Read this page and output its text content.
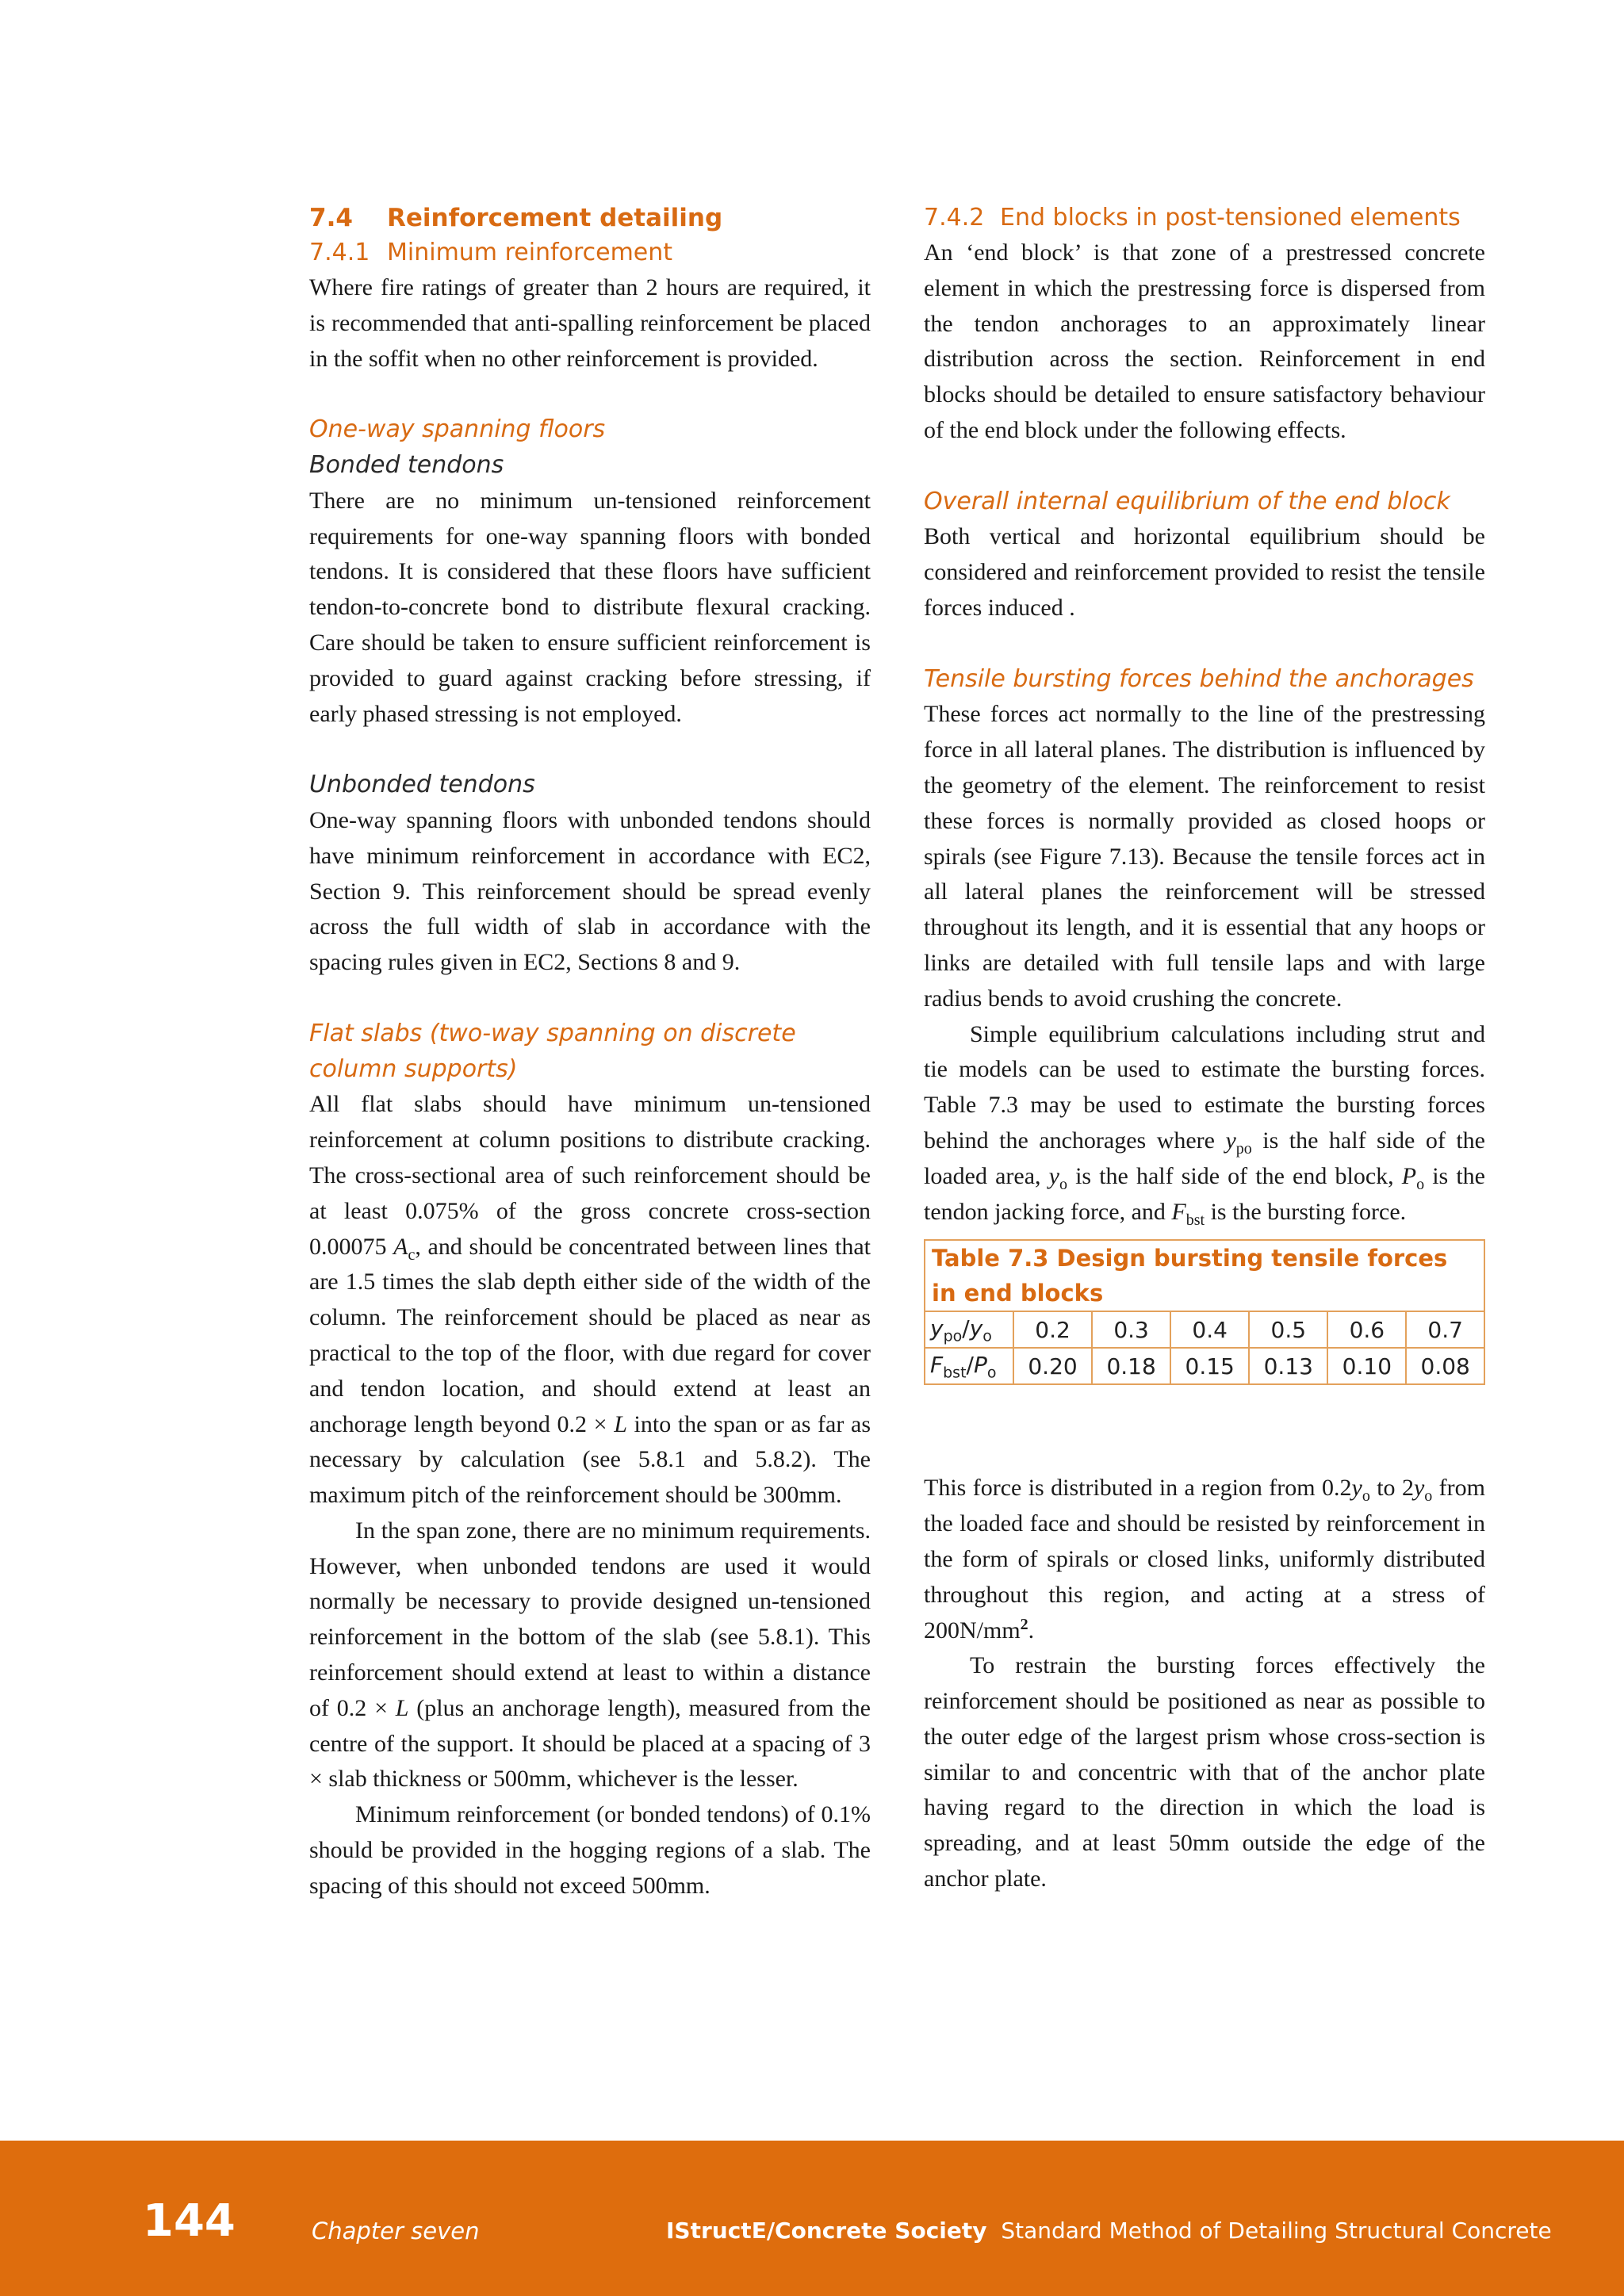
7.4 Reinforcement detailing
7.4.1 Minimum reinforcement

Where fire ratings of greater than 2 hours are required, it is recommended that anti-spalling reinforcement be placed in the soffit when no other reinforcement is provided.

One-way spanning floors
Bonded tendons

There are no minimum un-tensioned reinforcement requirements for one-way spanning floors with bonded tendons. It is considered that these floors have sufficient tendon-to-concrete bond to distribute flexural cracking. Care should be taken to ensure sufficient reinforcement is provided to guard against cracking before stressing, if early phased stressing is not employed.

Unbonded tendons

One-way spanning floors with unbonded tendons should have minimum reinforcement in accordance with EC2, Section 9. This reinforcement should be spread evenly across the full width of slab in accordance with the spacing rules given in EC2, Sections 8 and 9.

Flat slabs (two-way spanning on discrete column supports)

All flat slabs should have minimum un-tensioned reinforcement at column positions to distribute cracking. The cross-sectional area of such reinforcement should be at least 0.075% of the gross concrete cross-section 0.00075 $A_c$, and should be concentrated between lines that are 1.5 times the slab depth either side of the width of the column. The reinforcement should be placed as near as practical to the top of the floor, with due regard for cover and tendon location, and should extend at least an anchorage length beyond 0.2 × L into the span or as far as necessary by calculation (see 5.8.1 and 5.8.2). The maximum pitch of the reinforcement should be 300mm.

In the span zone, there are no minimum requirements. However, when unbonded tendons are used it would normally be necessary to provide designed un-tensioned reinforcement in the bottom of the slab (see 5.8.1). This reinforcement should extend at least to within a distance of 0.2 × L (plus an anchorage length), measured from the centre of the support. It should be placed at a spacing of 3 × slab thickness or 500mm, whichever is the lesser.

Minimum reinforcement (or bonded tendons) of 0.1% should be provided in the hogging regions of a slab. The spacing of this should not exceed 500mm.

7.4.2 End blocks in post-tensioned elements

An ‘end block’ is that zone of a prestressed concrete element in which the prestressing force is dispersed from the tendon anchorages to an approximately linear distribution across the section. Reinforcement in end blocks should be detailed to ensure satisfactory behaviour of the end block under the following effects.

Overall internal equilibrium of the end block

Both vertical and horizontal equilibrium should be considered and reinforcement provided to resist the tensile forces induced .

Tensile bursting forces behind the anchorages

These forces act normally to the line of the prestressing force in all lateral planes. The distribution is influenced by the geometry of the element. The reinforcement to resist these forces is normally provided as closed hoops or spirals (see Figure 7.13). Because the tensile forces act in all lateral planes the reinforcement will be stressed throughout its length, and it is essential that any hoops or links are detailed with full tensile laps and with large radius bends to avoid crushing the concrete.

Simple equilibrium calculations including strut and tie models can be used to estimate the bursting forces. Table 7.3 may be used to estimate the bursting forces behind the anchorages where $y_{po}$ is the half side of the loaded area, $y_o$ is the half side of the end block, $P_o$ is the tendon jacking force, and $F_{bst}$ is the bursting force.

Table 7.3 Design bursting tensile forces in end blocks

$y_{po}/y_o$	0.2	0.3	0.4	0.5	0.6	0.7
$F_{bst}/P_o$	0.20	0.18	0.15	0.13	0.10	0.08

This force is distributed in a region from $0.2y_o$ to $2y_o$ from the loaded face and should be resisted by reinforcement in the form of spirals or closed links, uniformly distributed throughout this region, and acting at a stress of $200N/mm^2$.

To restrain the bursting forces effectively the reinforcement should be positioned as near as possible to the outer edge of the largest prism whose cross-section is similar to and concentric with that of the anchor plate having regard to the direction in which the load is spreading, and at least 50mm outside the edge of the anchor plate.

144	Chapter seven	IStructE/Concrete Society Standard Method of Detailing Structural Concrete
